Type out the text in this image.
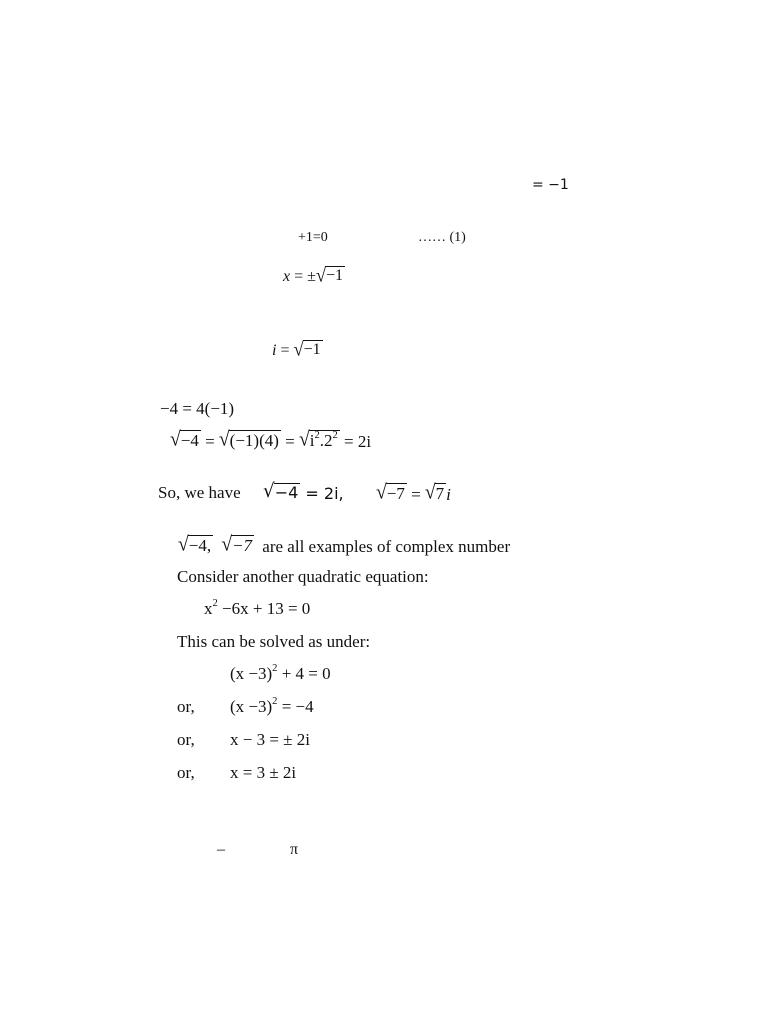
= −1
+1=0	…… (1)
x = ± √ −1
i = √ −1
−4 = 4(−1)
√ −4 = √ (−1)(4) = √ $i^2.2^2 = 2i$
So, we have √ −4 = 2i, √ −7 = √ 7 i
√ −4,
√ −7 are all examples of complex number
Consider another quadratic equation:
$x^2 -6x + 13 = 0$
This can be solved as under:
$(x -3)^2 + 4 = 0$
or, $(x -3)^2 = -4$
or, x − 3 = ± 2i
or, x = 3 ± 2i
–	π
